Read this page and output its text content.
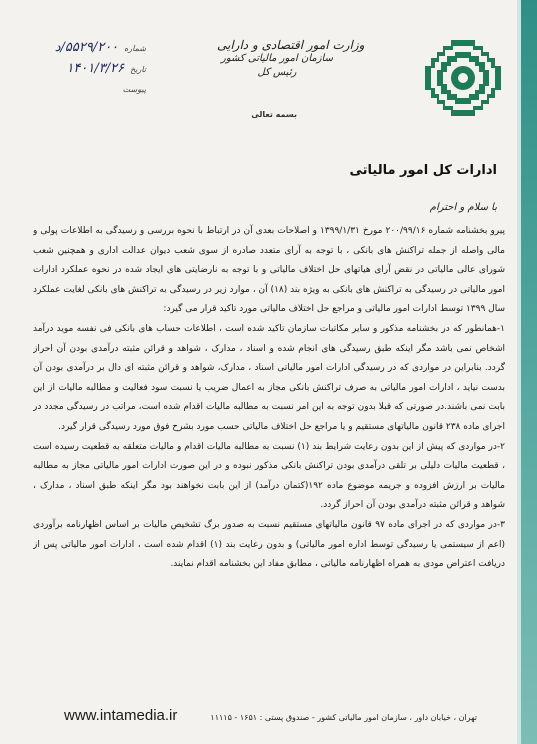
وزارت امور اقتصادی و دارایی
سازمان امور مالیاتی کشور
رئیس کل
بسمه تعالی
شماره
۵۵۲۹/۲۰۰/د
تاریخ
۱۴۰۱/۳/۲۶
پیوست
ادارات کل امور مالیاتی
با سلام و احترام

پیرو بخشنامه شماره ۲۰۰/۹۹/۱۶ مورخ ۱۳۹۹/۱/۳۱ و اصلاحات بعدی آن در ارتباط با نحوه بررسی و رسیدگی به اطلاعات پولی و مالی واصله از جمله تراکنش های بانکی ، با توجه به آرای متعدد صادره از سوی شعب دیوان عدالت اداری و همچنین شعب شورای عالی مالیاتی در نقض آرای هیاتهای حل اختلاف مالیاتی و با توجه به نارضایتی های ایجاد شده در نحوه عملکرد ادارات امور مالیاتی در رسیدگی به تراکنش های بانکی به ویژه بند (۱۸) آن ، موارد زیر در رسیدگی به تراکنش های بانکی لغایت عملکرد سال ۱۳۹۹ توسط ادارات امور مالیاتی و مراجع حل اختلاف مالیاتی مورد تاکید قرار می گیرد:

۱-همانطور که در بخشنامه مذکور و سایر مکاتبات سازمان تاکید شده است ، اطلاعات حساب های بانکی فی نفسه موید درآمد اشخاص نمی باشد مگر اینکه طبق رسیدگی های انجام شده و اسناد ، مدارک ، شواهد و قرائن مثبته درآمدی بودن آن احراز گردد. بنابراین در مواردی که در رسیدگی ادارات امور مالیاتی اسناد ، مدارک، شواهد و قرائن مثبته ای دال بر درآمدی بودن آن بدست نیاید ، ادارات امور مالیاتی به صرف تراکنش بانکی مجاز به اعمال ضریب یا نسبت سود فعالیت و مطالبه مالیات از این بابت نمی باشند.در صورتی که قبلا بدون توجه به این امر نسبت به مطالبه مالیات اقدام شده است، مراتب در رسیدگی مجدد در اجرای ماده ۲۳۸ قانون مالیاتهای مستقیم و یا مراجع حل اختلاف مالیاتی حسب مورد بشرح فوق مورد رسیدگی قرار گیرد.

۲-در مواردی که پیش از این بدون رعایت شرایط بند (۱) نسبت به مطالبه مالیات اقدام و مالیات متعلقه به قطعیت رسیده است ، قطعیت مالیات دلیلی بر تلقی درآمدی بودن تراکنش بانکی مذکور نبوده و در این صورت ادارات امور مالیاتی مجاز به مطالبه مالیات بر ارزش افزوده و جریمه موضوع ماده ۱۹۲(کتمان درآمد) از این بابت نخواهند بود مگر اینکه طبق اسناد ، مدارک ، شواهد و قرائن مثبته درآمدی بودن آن احراز گردد.

۳-در مواردی که در اجرای ماده ۹۷ قانون مالیاتهای مستقیم نسبت به صدور برگ تشخیص مالیات بر اساس اظهارنامه برآوردی (اعم از سیستمی یا رسیدگی توسط اداره امور مالیاتی) و بدون رعایت بند (۱) اقدام شده است ، ادارات امور مالیاتی پس از دریافت اعتراض مودی به همراه اظهارنامه مالیاتی ، مطابق مفاد این بخشنامه اقدام نمایند.

تهران ، خیابان داور ، سازمان امور مالیاتی کشور - صندوق پستی : ۱۶۵۱ - ۱۱۱۱۵
www.intamedia.ir
